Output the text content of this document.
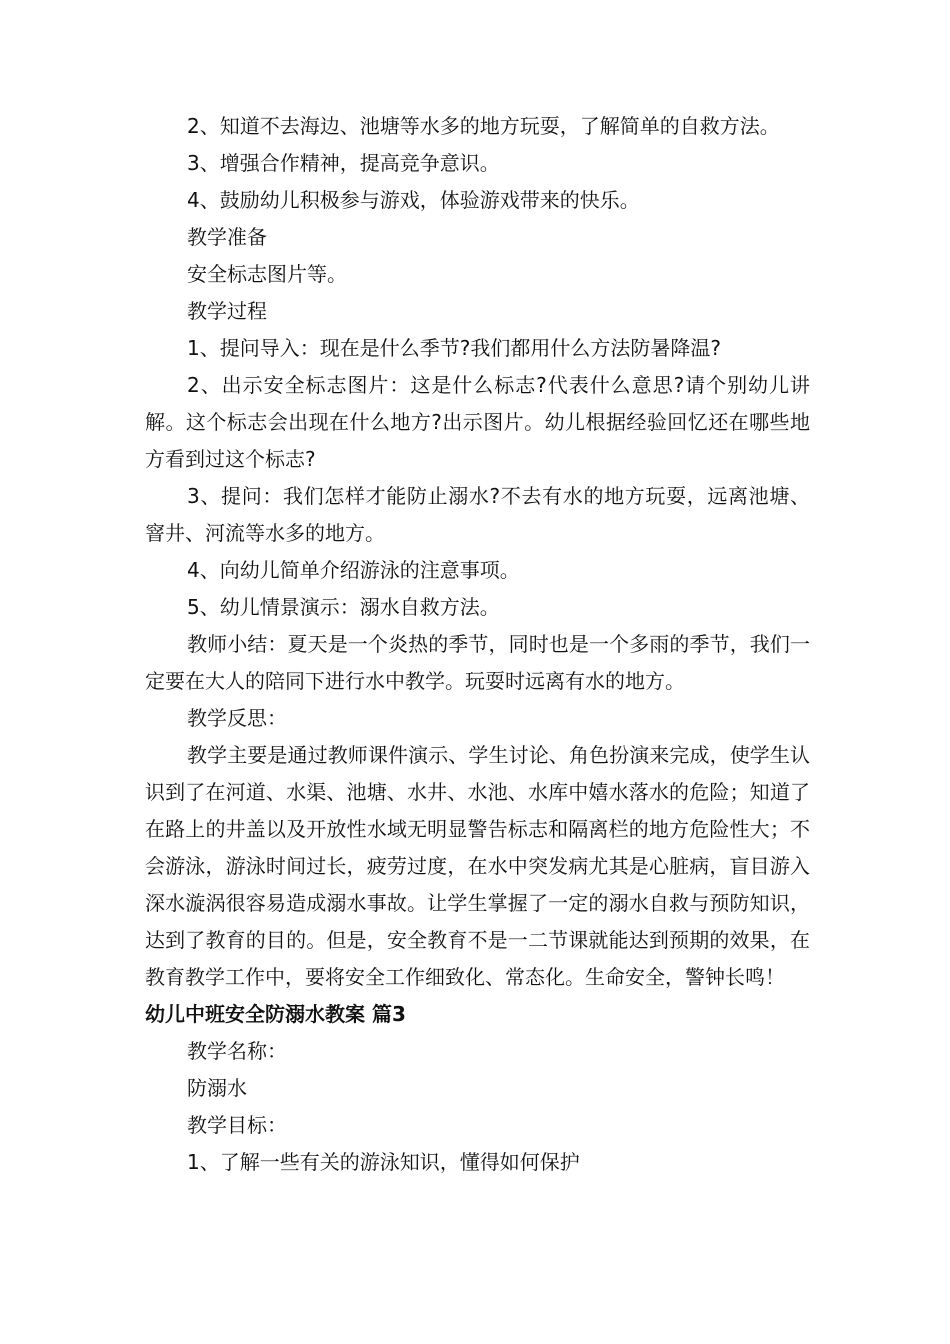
2、知道不去海边、池塘等水多的地方玩耍，了解简单的自救方法。

3、增强合作精神，提高竞争意识。

4、鼓励幼儿积极参与游戏，体验游戏带来的快乐。

教学准备

安全标志图片等。

教学过程

1、提问导入：现在是什么季节?我们都用什么方法防暑降温?

2、出示安全标志图片：这是什么标志?代表什么意思?请个别幼儿讲解。这个标志会出现在什么地方?出示图片。幼儿根据经验回忆还在哪些地方看到过这个标志?

3、提问：我们怎样才能防止溺水?不去有水的地方玩耍，远离池塘、窨井、河流等水多的地方。

4、向幼儿简单介绍游泳的注意事项。

5、幼儿情景演示：溺水自救方法。

教师小结：夏天是一个炎热的季节，同时也是一个多雨的季节，我们一定要在大人的陪同下进行水中教学。玩耍时远离有水的地方。

教学反思：

教学主要是通过教师课件演示、学生讨论、角色扮演来完成，使学生认识到了在河道、水渠、池塘、水井、水池、水库中嬉水落水的危险；知道了在路上的井盖以及开放性水域无明显警告标志和隔离栏的地方危险性大；不会游泳，游泳时间过长，疲劳过度，在水中突发病尤其是心脏病，盲目游入深水漩涡很容易造成溺水事故。让学生掌握了一定的溺水自救与预防知识，达到了教育的目的。但是，安全教育不是一二节课就能达到预期的效果，在教育教学工作中，要将安全工作细致化、常态化。生命安全，警钟长鸣！

幼儿中班安全防溺水教案 篇3

教学名称：

防溺水

教学目标：

1、了解一些有关的游泳知识，懂得如何保护
